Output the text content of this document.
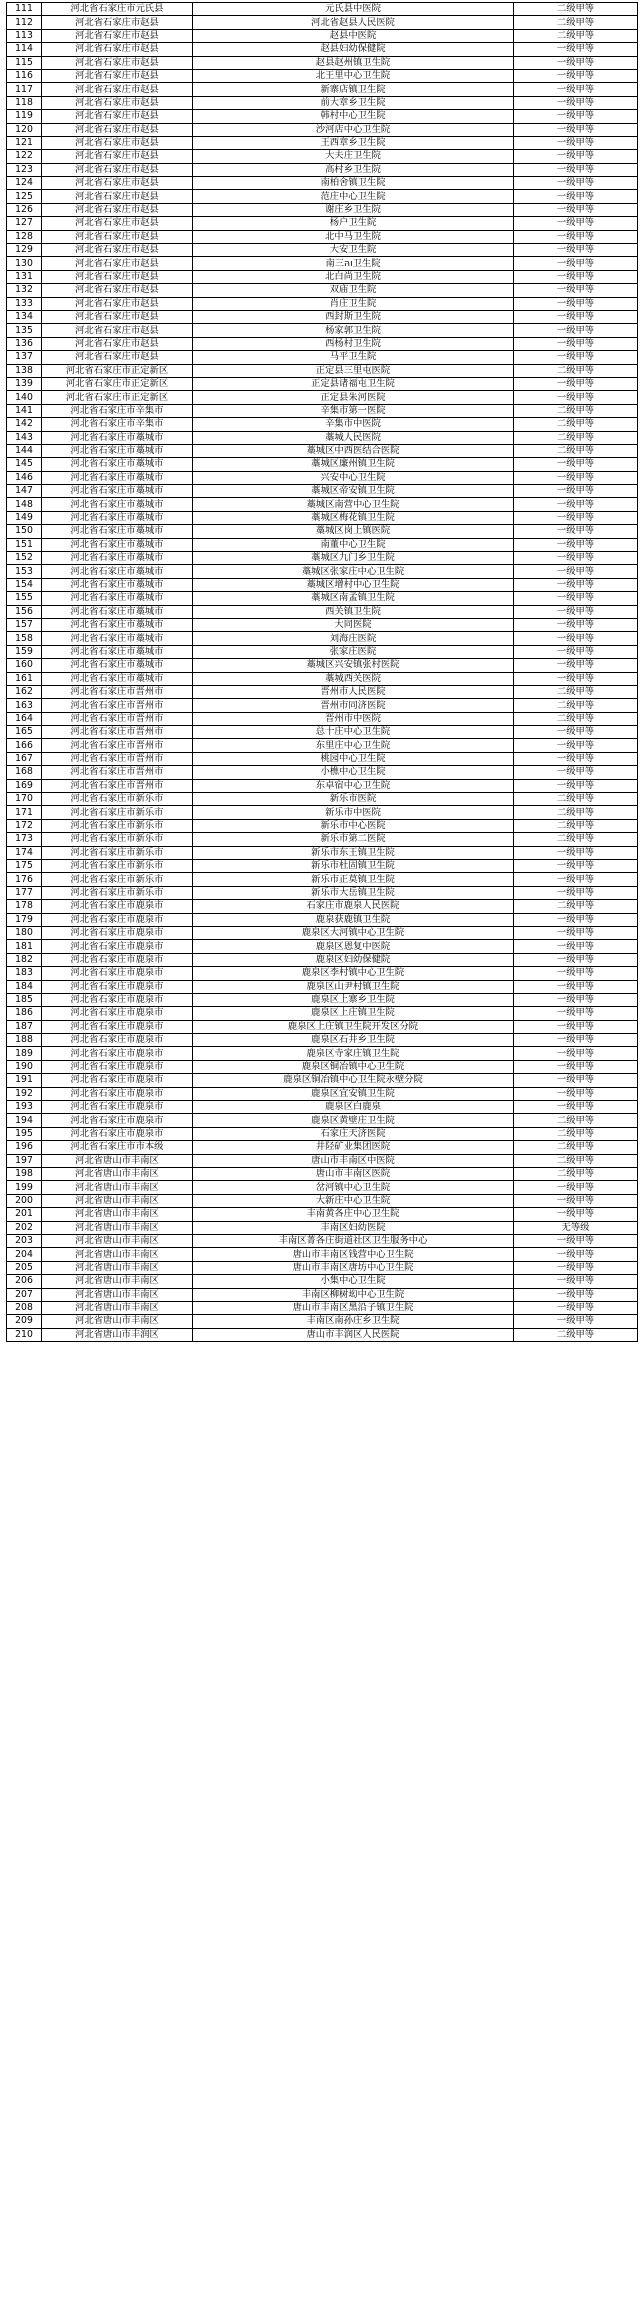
111	河北省石家庄市元氏县	元氏县中医院	二级甲等
112	河北省石家庄市赵县	河北省赵县人民医院	二级甲等
113	河北省石家庄市赵县	赵县中医院	二级甲等
114	河北省石家庄市赵县	赵县妇幼保健院	一级甲等
115	河北省石家庄市赵县	赵县赵州镇卫生院	一级甲等
116	河北省石家庄市赵县	北王里中心卫生院	一级甲等
117	河北省石家庄市赵县	新寨店镇卫生院	一级甲等
118	河北省石家庄市赵县	前大章乡卫生院	一级甲等
119	河北省石家庄市赵县	韩村中心卫生院	一级甲等
120	河北省石家庄市赵县	沙河店中心卫生院	一级甲等
121	河北省石家庄市赵县	王西章乡卫生院	一级甲等
122	河北省石家庄市赵县	大夫庄卫生院	一级甲等
123	河北省石家庄市赵县	高村乡卫生院	一级甲等
124	河北省石家庄市赵县	南柏舍镇卫生院	一级甲等
125	河北省石家庄市赵县	范庄中心卫生院	一级甲等
126	河北省石家庄市赵县	谢庄乡卫生院	一级甲等
127	河北省石家庄市赵县	杨户卫生院	一级甲等
128	河北省石家庄市赵县	北中马卫生院	一级甲等
129	河北省石家庄市赵县	大安卫生院	一级甲等
130	河北省石家庄市赵县	南三והּ卫生院	一级甲等
131	河北省石家庄市赵县	北白尚卫生院	一级甲等
132	河北省石家庄市赵县	双庙卫生院	一级甲等
133	河北省石家庄市赵县	肖庄卫生院	一级甲等
134	河北省石家庄市赵县	西封斯卫生院	一级甲等
135	河北省石家庄市赵县	杨家郭卫生院	一级甲等
136	河北省石家庄市赵县	西杨村卫生院	一级甲等
137	河北省石家庄市赵县	马平卫生院	一级甲等
138	河北省石家庄市正定新区	正定县三里屯医院	二级甲等
139	河北省石家庄市正定新区	正定县诸福屯卫生院	一级甲等
140	河北省石家庄市正定新区	正定县朱河医院	一级甲等
141	河北省石家庄市辛集市	辛集市第一医院	二级甲等
142	河北省石家庄市辛集市	辛集市中医院	二级甲等
143	河北省石家庄市藁城市	藁城人民医院	二级甲等
144	河北省石家庄市藁城市	藁城区中西医结合医院	二级甲等
145	河北省石家庄市藁城市	藁城区廉州镇卫生院	一级甲等
146	河北省石家庄市藁城市	兴安中心卫生院	一级甲等
147	河北省石家庄市藁城市	藁城区帝安镇卫生院	一级甲等
148	河北省石家庄市藁城市	藁城区南营中心卫生院	一级甲等
149	河北省石家庄市藁城市	藁城区梅花镇卫生院	一级甲等
150	河北省石家庄市藁城市	藁城区岗上镇医院	一级甲等
151	河北省石家庄市藁城市	南董中心卫生院	一级甲等
152	河北省石家庄市藁城市	藁城区九门乡卫生院	一级甲等
153	河北省石家庄市藁城市	藁城区张家庄中心卫生院	一级甲等
154	河北省石家庄市藁城市	藁城区增村中心卫生院	一级甲等
155	河北省石家庄市藁城市	藁城区南孟镇卫生院	一级甲等
156	河北省石家庄市藁城市	西关镇卫生院	一级甲等
157	河北省石家庄市藁城市	大同医院	一级甲等
158	河北省石家庄市藁城市	刘海庄医院	一级甲等
159	河北省石家庄市藁城市	张家庄医院	一级甲等
160	河北省石家庄市藁城市	藁城区兴安镇张村医院	一级甲等
161	河北省石家庄市藁城市	藁城西关医院	一级甲等
162	河北省石家庄市晋州市	晋州市人民医院	二级甲等
163	河北省石家庄市晋州市	晋州市同济医院	二级甲等
164	河北省石家庄市晋州市	晋州市中医院	二级甲等
165	河北省石家庄市晋州市	总十庄中心卫生院	一级甲等
166	河北省石家庄市晋州市	东里庄中心卫生院	一级甲等
167	河北省石家庄市晋州市	桃园中心卫生院	一级甲等
168	河北省石家庄市晋州市	小樵中心卫生院	一级甲等
169	河北省石家庄市晋州市	东卓宿中心卫生院	一级甲等
170	河北省石家庄市新乐市	新乐市医院	二级甲等
171	河北省石家庄市新乐市	新乐市中医院	二级甲等
172	河北省石家庄市新乐市	新乐市中心医院	二级甲等
173	河北省石家庄市新乐市	新乐市第二医院	二级甲等
174	河北省石家庄市新乐市	新乐市东王镇卫生院	一级甲等
175	河北省石家庄市新乐市	新乐市杜固镇卫生院	一级甲等
176	河北省石家庄市新乐市	新乐市正莫镇卫生院	一级甲等
177	河北省石家庄市新乐市	新乐市大岳镇卫生院	一级甲等
178	河北省石家庄市鹿泉市	石家庄市鹿泉人民医院	二级甲等
179	河北省石家庄市鹿泉市	鹿泉获鹿镇卫生院	一级甲等
180	河北省石家庄市鹿泉市	鹿泉区大河镇中心卫生院	一级甲等
181	河北省石家庄市鹿泉市	鹿泉区恩复中医院	一级甲等
182	河北省石家庄市鹿泉市	鹿泉区妇幼保健院	一级甲等
183	河北省石家庄市鹿泉市	鹿泉区李村镇中心卫生院	一级甲等
184	河北省石家庄市鹿泉市	鹿泉区山尹村镇卫生院	一级甲等
185	河北省石家庄市鹿泉市	鹿泉区上寨乡卫生院	一级甲等
186	河北省石家庄市鹿泉市	鹿泉区上庄镇卫生院	一级甲等
187	河北省石家庄市鹿泉市	鹿泉区上庄镇卫生院开发区分院	一级甲等
188	河北省石家庄市鹿泉市	鹿泉区石井乡卫生院	一级甲等
189	河北省石家庄市鹿泉市	鹿泉区寺家庄镇卫生院	一级甲等
190	河北省石家庄市鹿泉市	鹿泉区铜冶镇中心卫生院	一级甲等
191	河北省石家庄市鹿泉市	鹿泉区铜冶镇中心卫生院永壁分院	一级甲等
192	河北省石家庄市鹿泉市	鹿泉区宜安镇卫生院	一级甲等
193	河北省石家庄市鹿泉市	鹿泉区白鹿泉	一级甲等
194	河北省石家庄市鹿泉市	鹿泉区黄壁庄卫生院	二级甲等
195	河北省石家庄市鹿泉市	石家庄天济医院	二级甲等
196	河北省石家庄市市本级	井陉矿业集团医院	二级甲等
197	河北省唐山市丰南区	唐山市丰南区中医院	二级甲等
198	河北省唐山市丰南区	唐山市丰南区医院	二级甲等
199	河北省唐山市丰南区	岔河镇中心卫生院	一级甲等
200	河北省唐山市丰南区	大新庄中心卫生院	一级甲等
201	河北省唐山市丰南区	丰南黄各庄中心卫生院	一级甲等
202	河北省唐山市丰南区	丰南区妇幼医院	无等级
203	河北省唐山市丰南区	丰南区菁各庄街道社区卫生服务中心	一级甲等
204	河北省唐山市丰南区	唐山市丰南区钱营中心卫生院	一级甲等
205	河北省唐山市丰南区	唐山市丰南区唐坊中心卫生院	一级甲等
206	河北省唐山市丰南区	小集中心卫生院	一级甲等
207	河北省唐山市丰南区	丰南区柳树㘭中心卫生院	一级甲等
208	河北省唐山市丰南区	唐山市丰南区黑沿子镇卫生院	一级甲等
209	河北省唐山市丰南区	丰南区南孙庄乡卫生院	一级甲等
210	河北省唐山市丰润区	唐山市丰润区人民医院	二级甲等
